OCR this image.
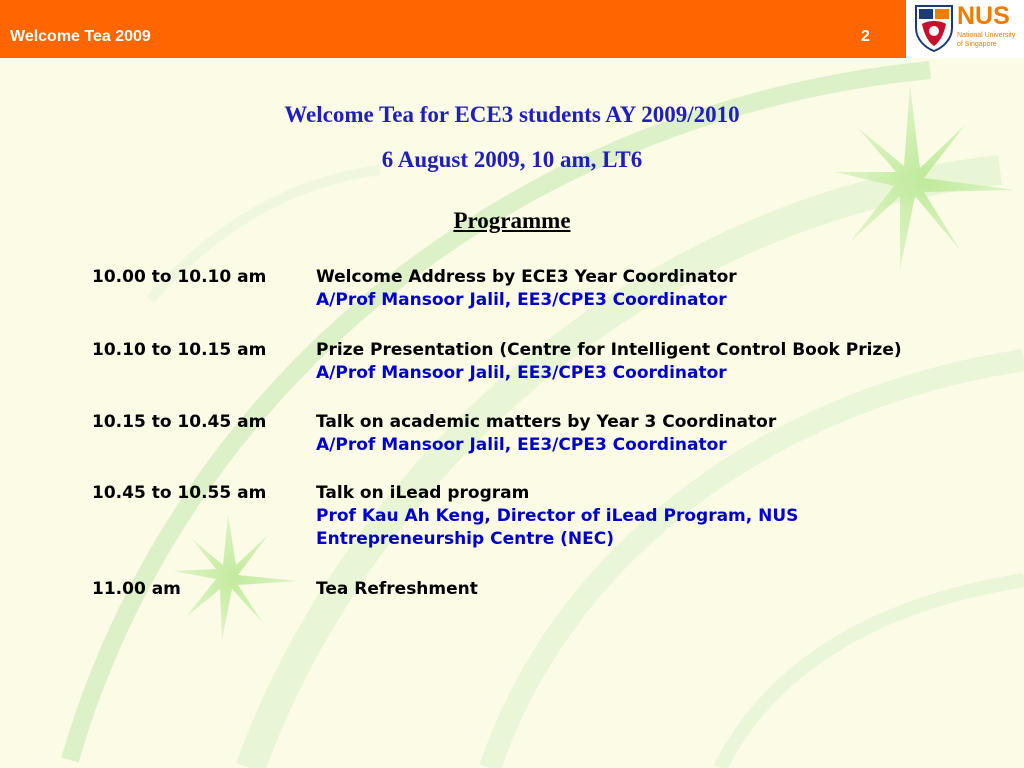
Welcome Tea 2009	2
NUS
National University
of Singapore
Welcome Tea for ECE3 students AY 2009/2010
6 August 2009, 10 am, LT6
Programme
10.00 to 10.10 am	Welcome Address by ECE3 Year Coordinator
A/Prof Mansoor Jalil, EE3/CPE3 Coordinator
10.10 to 10.15 am	Prize Presentation (Centre for Intelligent Control Book Prize)
A/Prof Mansoor Jalil, EE3/CPE3 Coordinator
10.15 to 10.45 am	Talk on academic matters by Year 3 Coordinator
A/Prof Mansoor Jalil, EE3/CPE3 Coordinator
10.45 to 10.55 am	Talk on iLead program
Prof Kau Ah Keng, Director of iLead Program, NUS
Entrepreneurship Centre (NEC)
11.00 am	Tea Refreshment
